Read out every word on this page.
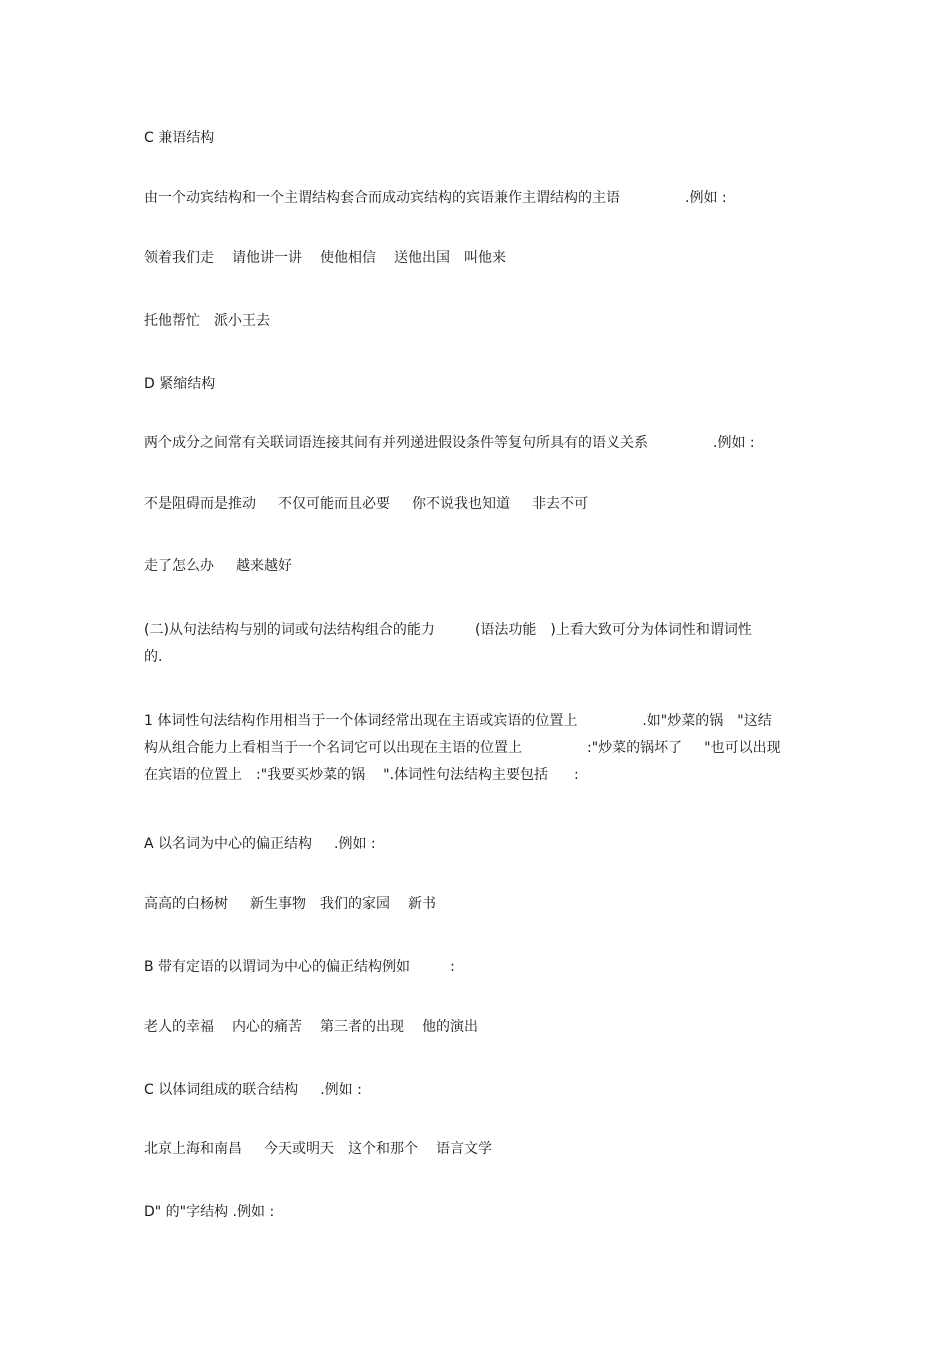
C 兼语结构
由一个动宾结构和一个主谓结构套合而成动宾结构的宾语兼作主谓结构的主语	.例如 :
领着我们走 请他讲一讲 使他相信 送他出国 叫他来
托他帮忙 派小王去
D 紧缩结构
两个成分之间常有关联词语连接其间有并列递进假设条件等复句所具有的语义关系	.例如 :
不是阻碍而是推动 不仅可能而且必要 你不说我也知道 非去不可
走了怎么办 越来越好
(二)从句法结构与别的词或句法结构组合的能力	(语法功能 )上看大致可分为体词性和谓词性
的.
1 体词性句法结构作用相当于一个体词经常出现在主语或宾语的位置上	.如"炒菜的锅 "这结
构从组合能力上看相当于一个名词它可以出现在主语的位置上	:"炒菜的锅坏了 "也可以出现
在宾语的位置上 :"我要买炒菜的锅 ".体词性句法结构主要包括 :
A 以名词为中心的偏正结构 .例如 :
高高的白杨树 新生事物 我们的家园 新书
B 带有定语的以谓词为中心的偏正结构例如	:
老人的幸福 内心的痛苦 第三者的出现 他的演出
C 以体词组成的联合结构 .例如 :
北京上海和南昌 今天或明天 这个和那个 语言文学
D" 的"字结构 .例如 :
